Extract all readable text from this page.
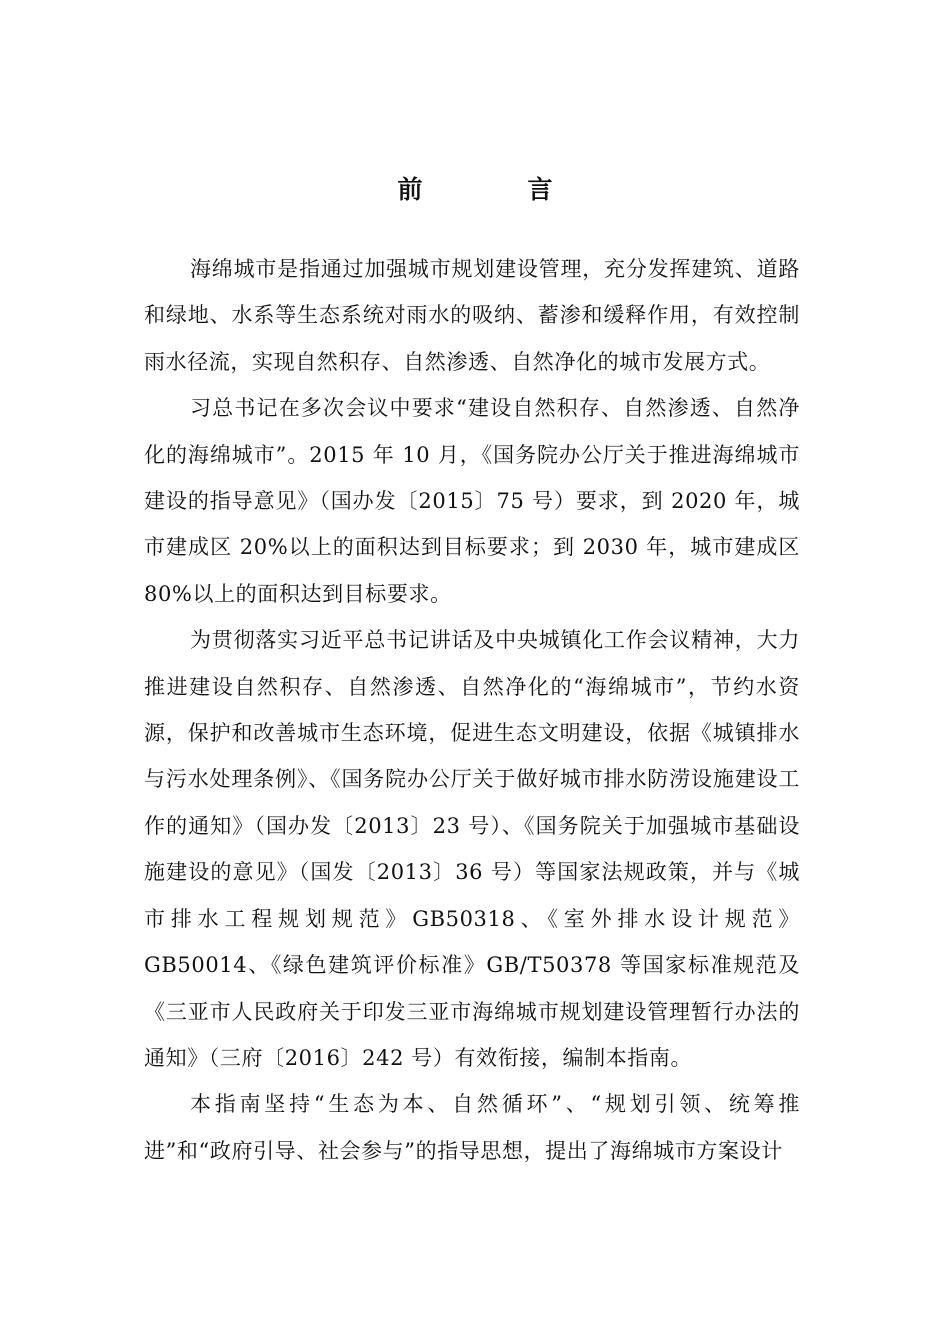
前　言

海绵城市是指通过加强城市规划建设管理，充分发挥建筑、道路和绿地、水系等生态系统对雨水的吸纳、蓄渗和缓释作用，有效控制雨水径流，实现自然积存、自然渗透、自然净化的城市发展方式。

习总书记在多次会议中要求“建设自然积存、自然渗透、自然净化的海绵城市”。2015 年 10 月，《国务院办公厅关于推进海绵城市建设的指导意见》（国办发〔2015〕75 号）要求，到 2020 年，城市建成区 20%以上的面积达到目标要求；到 2030 年，城市建成区 80%以上的面积达到目标要求。

为贯彻落实习近平总书记讲话及中央城镇化工作会议精神，大力推进建设自然积存、自然渗透、自然净化的“海绵城市”，节约水资源，保护和改善城市生态环境，促进生态文明建设，依据《城镇排水与污水处理条例》、《国务院办公厅关于做好城市排水防涝设施建设工作的通知》（国办发〔2013〕23 号）、《国务院关于加强城市基础设施建设的意见》（国发〔2013〕36 号）等国家法规政策，并与《城市排水工程规划规范》GB50318、《室外排水设计规范》GB50014、《绿色建筑评价标准》GB/T50378 等国家标准规范及《三亚市人民政府关于印发三亚市海绵城市规划建设管理暂行办法的通知》（三府〔2016〕242 号）有效衔接，编制本指南。

本指南坚持“生态为本、自然循环”、“规划引领、统筹推进”和“政府引导、社会参与”的指导思想，提出了海绵城市方案设计
